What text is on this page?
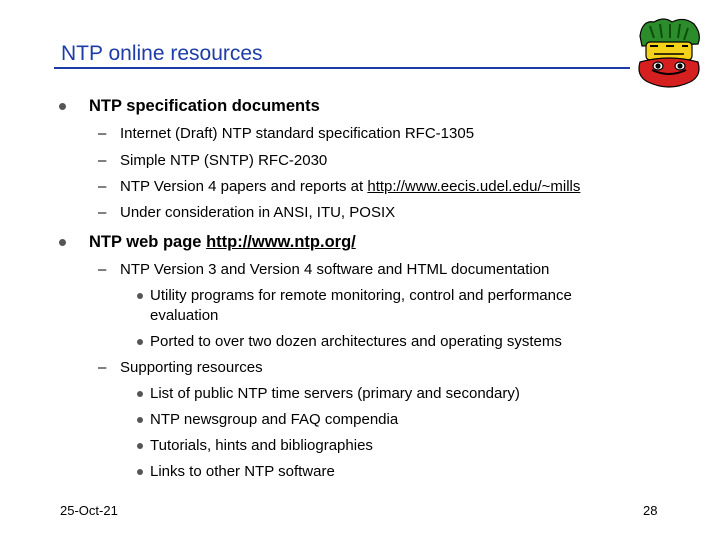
NTP online resources
NTP specification documents
– Internet (Draft) NTP standard specification RFC-1305
– Simple NTP (SNTP) RFC-2030
– NTP Version 4 papers and reports at http://www.eecis.udel.edu/~mills
– Under consideration in ANSI, ITU, POSIX
NTP web page http://www.ntp.org/
– NTP Version 3 and Version 4 software and HTML documentation
Utility programs for remote monitoring, control and performance
evaluation
Ported to over two dozen architectures and operating systems
– Supporting resources
List of public NTP time servers (primary and secondary)
NTP newsgroup and FAQ compendia
Tutorials, hints and bibliographies
Links to other NTP software
25-Oct-21	28
